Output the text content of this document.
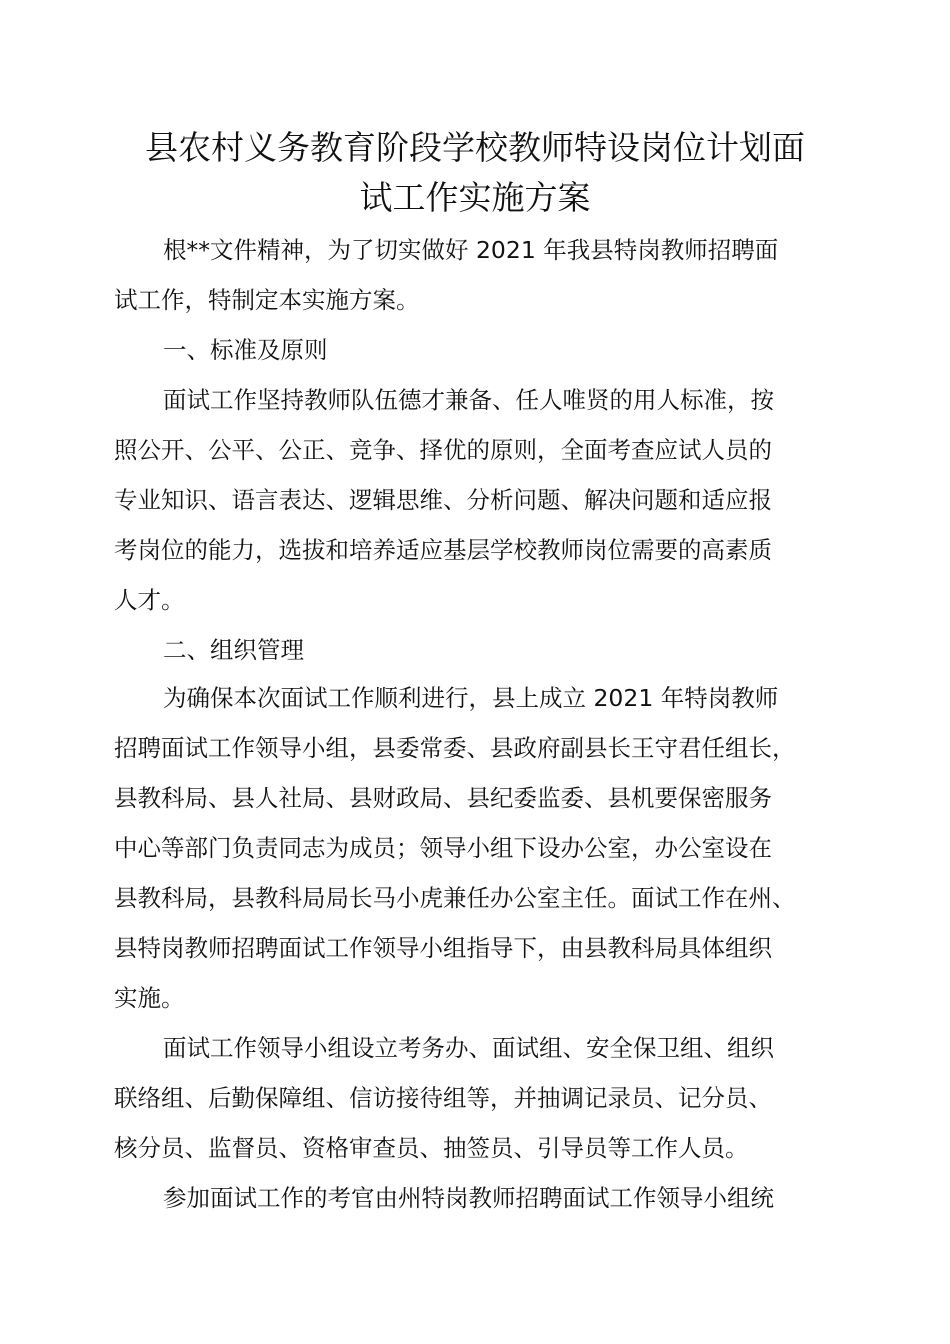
县农村义务教育阶段学校教师特设岗位计划面
试工作实施方案
根**文件精神，为了切实做好 2021 年我县特岗教师招聘面
试工作，特制定本实施方案。
一、标准及原则
面试工作坚持教师队伍德才兼备、任人唯贤的用人标准，按
照公开、公平、公正、竞争、择优的原则，全面考查应试人员的
专业知识、语言表达、逻辑思维、分析问题、解决问题和适应报
考岗位的能力，选拔和培养适应基层学校教师岗位需要的高素质
人才。
二、组织管理
为确保本次面试工作顺利进行，县上成立 2021 年特岗教师
招聘面试工作领导小组，县委常委、县政府副县长王守君任组长，
县教科局、县人社局、县财政局、县纪委监委、县机要保密服务
中心等部门负责同志为成员；领导小组下设办公室，办公室设在
县教科局，县教科局局长马小虎兼任办公室主任。面试工作在州、
县特岗教师招聘面试工作领导小组指导下，由县教科局具体组织
实施。
面试工作领导小组设立考务办、面试组、安全保卫组、组织
联络组、后勤保障组、信访接待组等，并抽调记录员、记分员、
核分员、监督员、资格审查员、抽签员、引导员等工作人员。
参加面试工作的考官由州特岗教师招聘面试工作领导小组统
